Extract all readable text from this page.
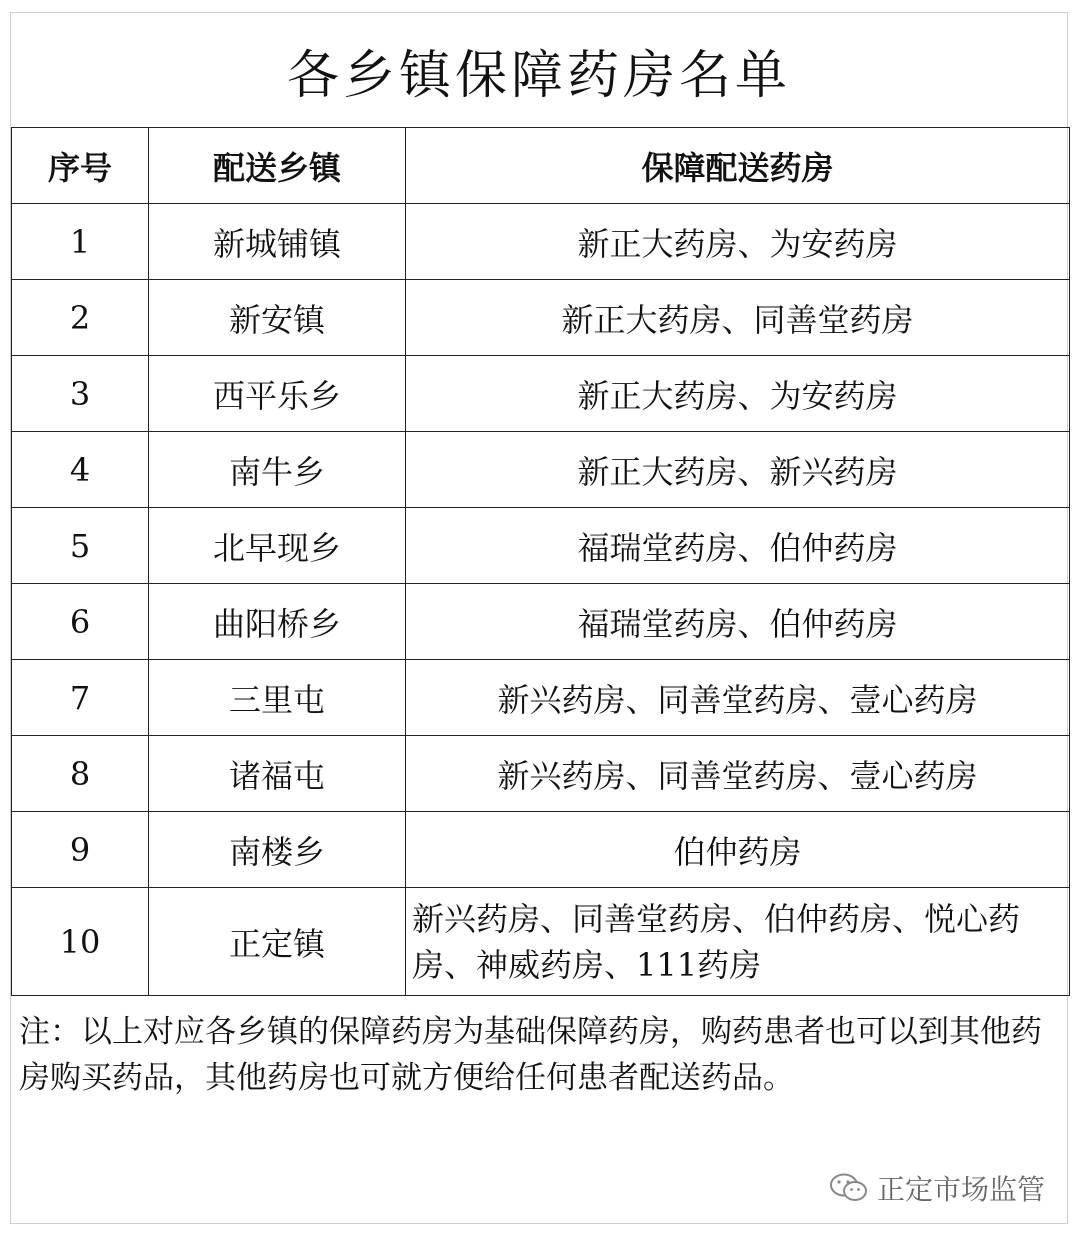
各乡镇保障药房名单
序号	配送乡镇	保障配送药房
1	新城铺镇	新正大药房、为安药房
2	新安镇	新正大药房、同善堂药房
3	西平乐乡	新正大药房、为安药房
4	南牛乡	新正大药房、新兴药房
5	北早现乡	福瑞堂药房、伯仲药房
6	曲阳桥乡	福瑞堂药房、伯仲药房
7	三里屯	新兴药房、同善堂药房、壹心药房
8	诸福屯	新兴药房、同善堂药房、壹心药房
9	南楼乡	伯仲药房
10	正定镇	新兴药房、同善堂药房、伯仲药房、悦心药房、神威药房、111药房
注：以上对应各乡镇的保障药房为基础保障药房，购药患者也可以到其他药房购买药品，其他药房也可就方便给任何患者配送药品。
正定市场监管
